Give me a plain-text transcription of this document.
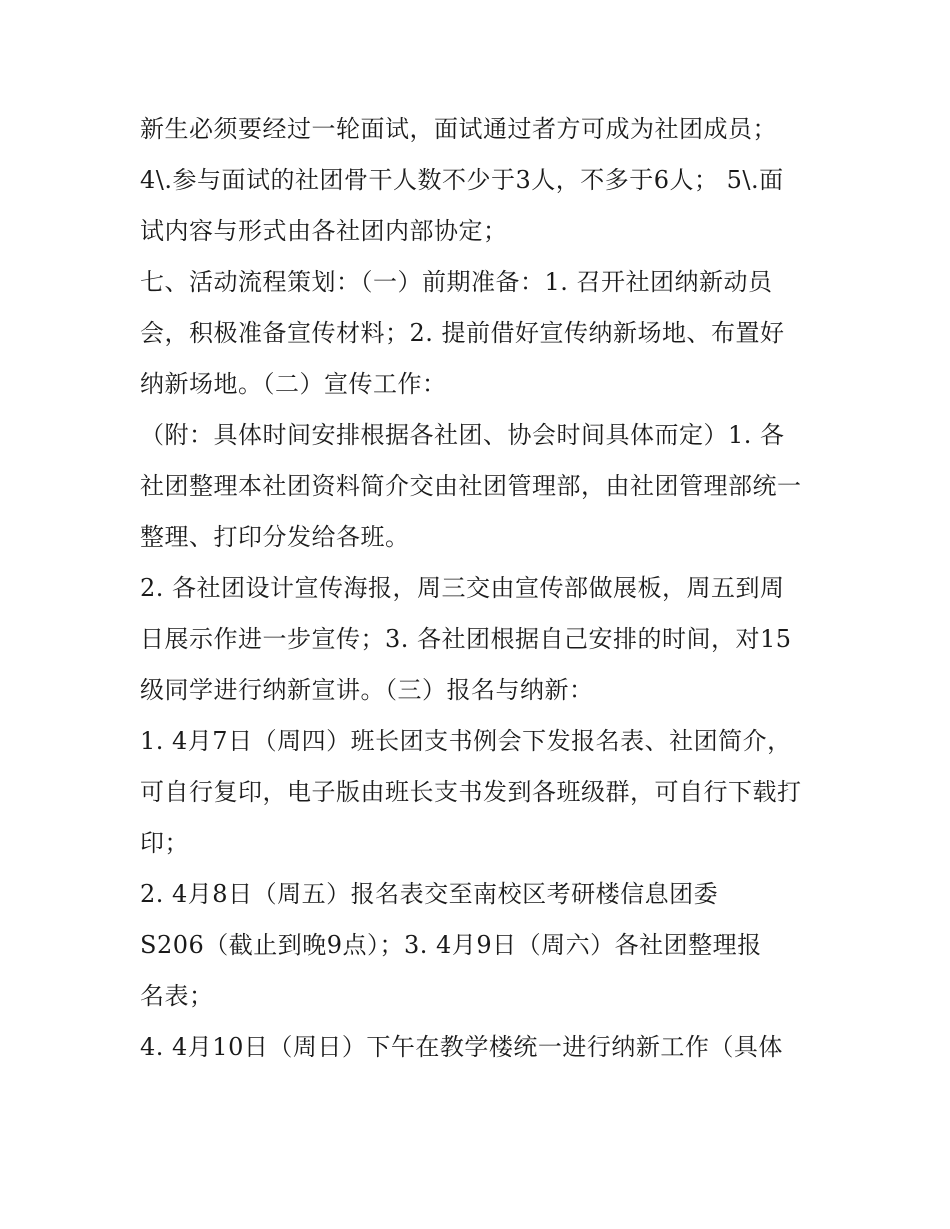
新生必须要经过一轮面试，面试通过者方可成为社团成员；
4\.参与面试的社团骨干人数不少于3人，不多于6人； 5\.面
试内容与形式由各社团内部协定；
七、活动流程策划：（一）前期准备：1. 召开社团纳新动员
会，积极准备宣传材料；2. 提前借好宣传纳新场地、布置好
纳新场地。（二）宣传工作：
（附：具体时间安排根据各社团、协会时间具体而定）1. 各
社团整理本社团资料简介交由社团管理部，由社团管理部统一
整理、打印分发给各班。
2. 各社团设计宣传海报，周三交由宣传部做展板，周五到周
日展示作进一步宣传；3. 各社团根据自己安排的时间，对15
级同学进行纳新宣讲。（三）报名与纳新：
1. 4月7日（周四）班长团支书例会下发报名表、社团简介，
可自行复印，电子版由班长支书发到各班级群，可自行下载打
印；
2. 4月8日（周五）报名表交至南校区考研楼信息团委
S206（截止到晚9点）；3. 4月9日（周六）各社团整理报
名表；
4. 4月10日（周日）下午在教学楼统一进行纳新工作（具体
